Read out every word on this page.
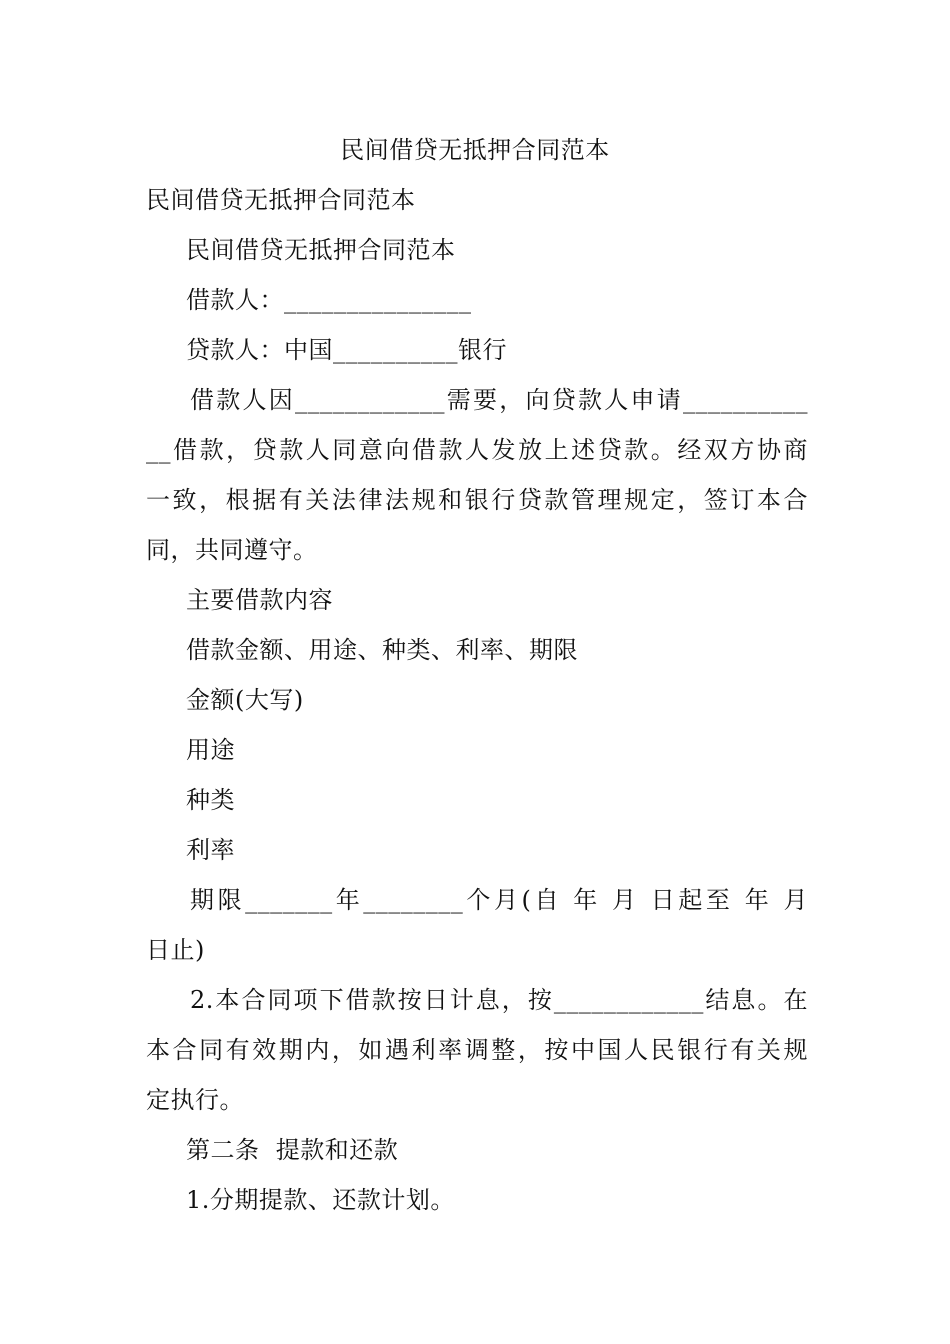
民间借贷无抵押合同范本
民间借贷无抵押合同范本
民间借贷无抵押合同范本
借款人：_______________
贷款人：中国__________银行
借款人因____________需要，向贷款人申请__________
__借款，贷款人同意向借款人发放上述贷款。经双方协商
一致，根据有关法律法规和银行贷款管理规定，签订本合
同，共同遵守。
主要借款内容
借款金额、用途、种类、利率、期限
金额(大写)
用途
种类
利率
期限_______年________个月(自 年 月 日起至 年 月
日止)
2.本合同项下借款按日计息，按____________结息。在
本合同有效期内，如遇利率调整，按中国人民银行有关规
定执行。
第二条  提款和还款
1.分期提款、还款计划。
